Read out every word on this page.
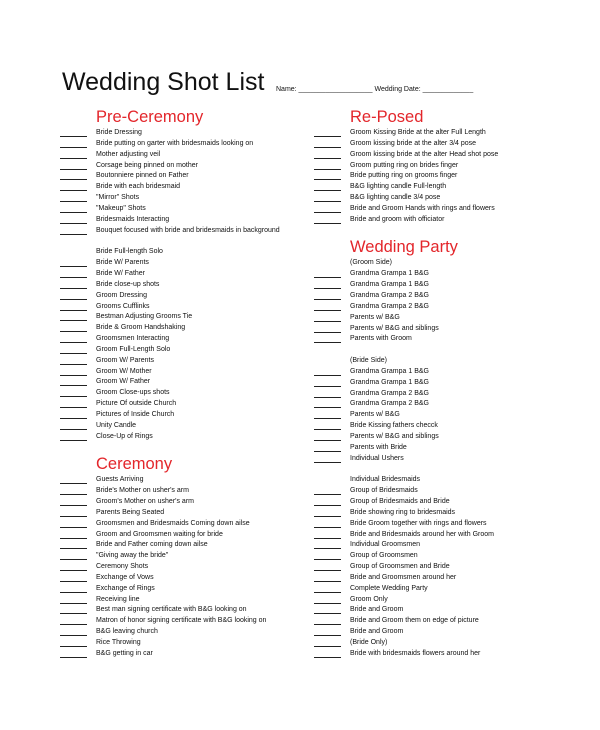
Wedding Shot List Name: ___________________ Wedding Date: _____________
Pre-Ceremony
Bride Dressing
Bride putting on garter with bridesmaids looking on
Mother adjusting veil
Corsage being pinned on mother
Boutonniere pinned on Father
Bride with each bridesmaid
"Mirror" Shots
"Makeup" Shots
Bridesmaids Interacting
Bouquet focused with bride and bridesmaids in background
Bride Full-length Solo
Bride W/ Parents
Bride W/ Father
Bride close-up shots
Groom Dressing
Grooms Cufflinks
Bestman Adjusting Grooms Tie
Bride & Groom Handshaking
Groomsmen Interacting
Groom Full-Length Solo
Groom W/ Parents
Groom W/ Mother
Groom W/ Father
Groom Close-ups shots
Picture Of outside Church
Pictures of Inside Church
Unity Candle
Close-Up of Rings
Ceremony
Guests Arriving
Bride's Mother on usher's arm
Groom's Mother on usher's arm
Parents Being Seated
Groomsmen and Bridesmaids Coming down ailse
Groom and Groomsmen waiting for bride
Bride and Father coming down ailse
"Giving away the bride"
Ceremony Shots
Exchange of Vows
Exchange of Rings
Receiving line
Best man signing certificate with B&G looking on
Matron of honor signing certificate with B&G looking on
B&G leaving church
Rice Throwing
B&G getting in car
Re-Posed
Groom Kissing Bride at the alter Full Length
Groom kissing bride at the alter 3/4 pose
Groom kissing bride at the alter Head shot pose
Groom putting ring on brides finger
Bride putting ring on grooms finger
B&G lighting candle Full-length
B&G lighting candle 3/4 pose
Bride and Groom Hands with rings and flowers
Bride and groom with officiator
Wedding Party
(Groom Side)
Grandma Grampa 1 B&G
Grandma Grampa 1 B&G
Grandma Grampa 2 B&G
Grandma Grampa 2 B&G
Parents w/ B&G
Parents w/ B&G and siblings
Parents with Groom
(Bride Side)
Grandma Grampa 1 B&G
Grandma Grampa 1 B&G
Grandma Grampa 2 B&G
Grandma Grampa 2 B&G
Parents w/ B&G
Bride Kissing fathers checck
Parents w/ B&G and siblings
Parents with Bride
Individual Ushers
Individual Bridesmaids
Group of Bridesmaids
Group of Bridesmaids and Bride
Bride showing ring to bridesmaids
Bride Groom together with rings and flowers
Bride and Bridesmaids around her with Groom
Individual Groomsmen
Group of Groomsmen
Group of Groomsmen and Bride
Bride and Groomsmen around her
Complete Wedding Party
Groom Only
Bride and Groom
Bride and Groom them on edge of picture
Bride and Groom
(Bride Only)
Bride with bridesmaids flowers around her
